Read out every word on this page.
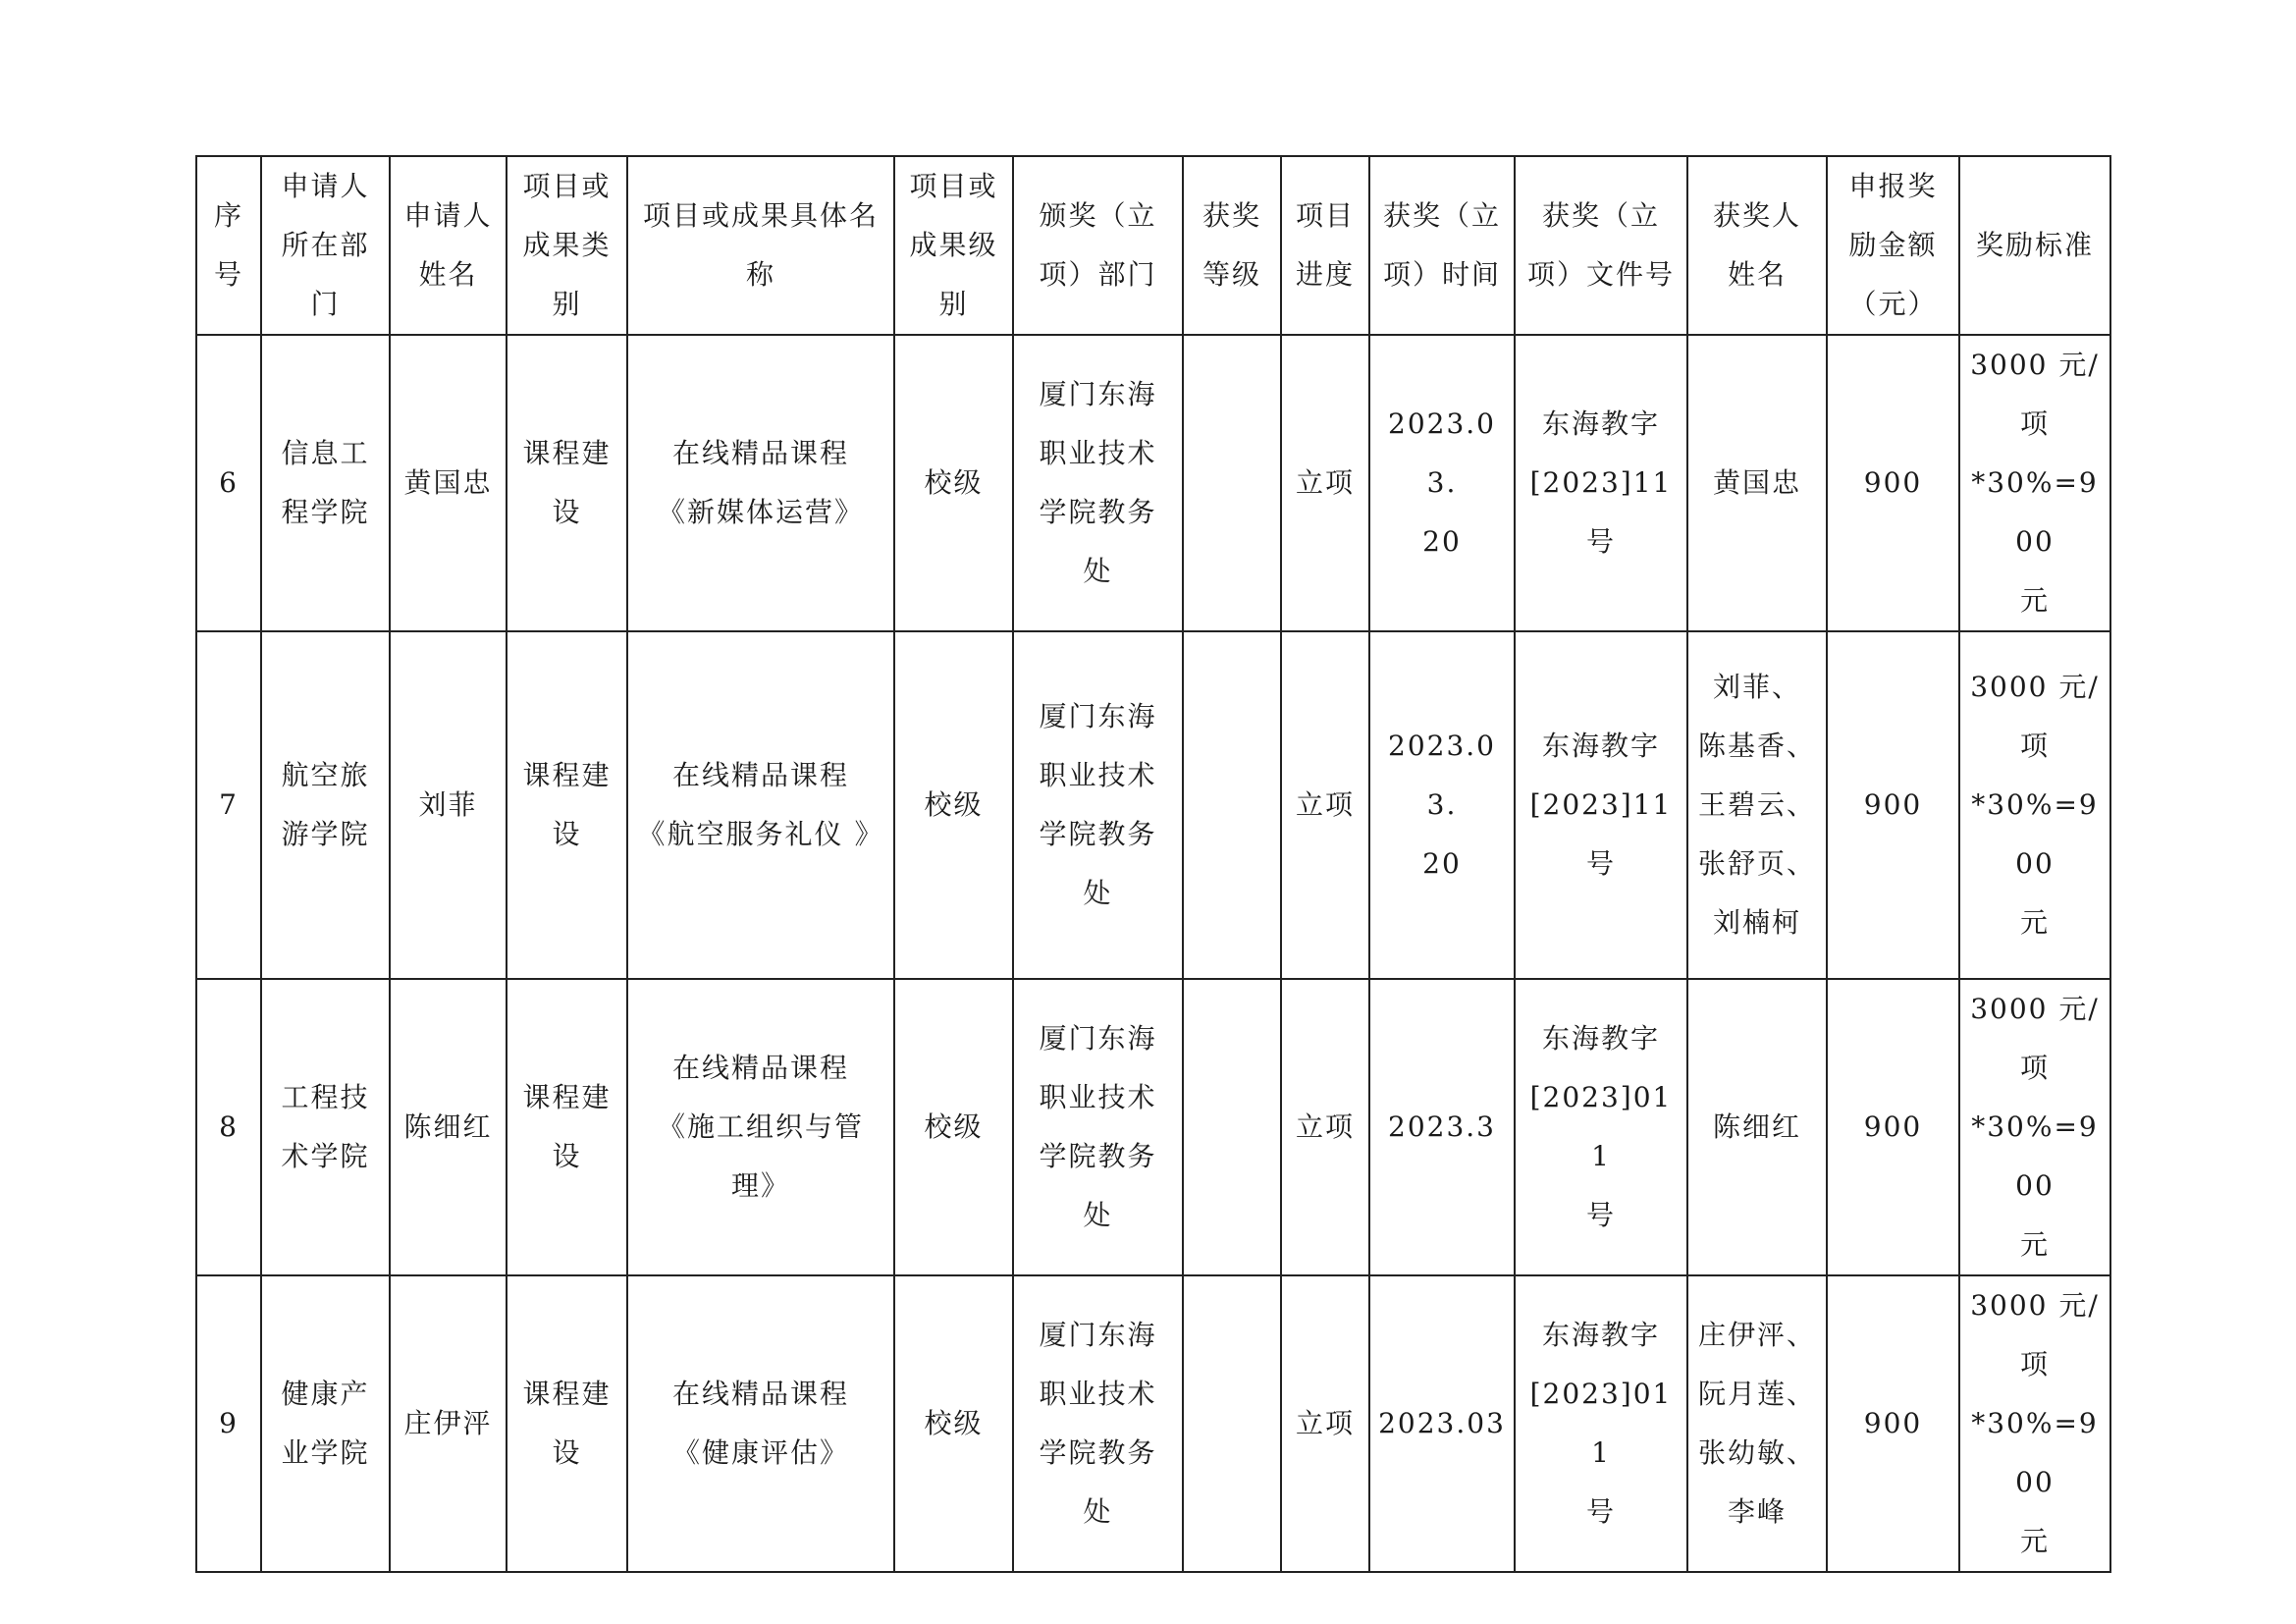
序
号	申请人
所在部
门	申请人
姓名	项目或
成果类
别	项目或成果具体名
称	项目或
成果级
别	颁奖（立
项）部门	获奖
等级	项目
进度	获奖（立
项）时间	获奖（立
项）文件号	获奖人
姓名	申报奖
励金额
（元）	奖励标准
6	信息工
程学院	黄国忠	课程建
设	在线精品课程
《新媒体运营》	校级	厦门东海
职业技术
学院教务
处		立项	2023.03.
20	东海教字
[2023]11
号	黄国忠	900	3000 元/
项
*30%=900
元
7	航空旅
游学院	刘菲	课程建
设	在线精品课程
《航空服务礼仪 》	校级	厦门东海
职业技术
学院教务
处		立项	2023.03.
20	东海教字
[2023]11
号	刘菲、
陈基香、
王碧云、
张舒页、
刘楠柯	900	3000 元/
项
*30%=900
元
8	工程技
术学院	陈细红	课程建
设	在线精品课程
《施工组织与管
理》	校级	厦门东海
职业技术
学院教务
处		立项	2023.3	东海教字
[2023]011
号	陈细红	900	3000 元/
项
*30%=900
元
9	健康产
业学院	庄伊泙	课程建
设	在线精品课程
《健康评估》	校级	厦门东海
职业技术
学院教务
处		立项	2023.03	东海教字
[2023]011
号	庄伊泙、
阮月莲、
张幼敏、
李峰	900	3000 元/
项
*30%=900
元
